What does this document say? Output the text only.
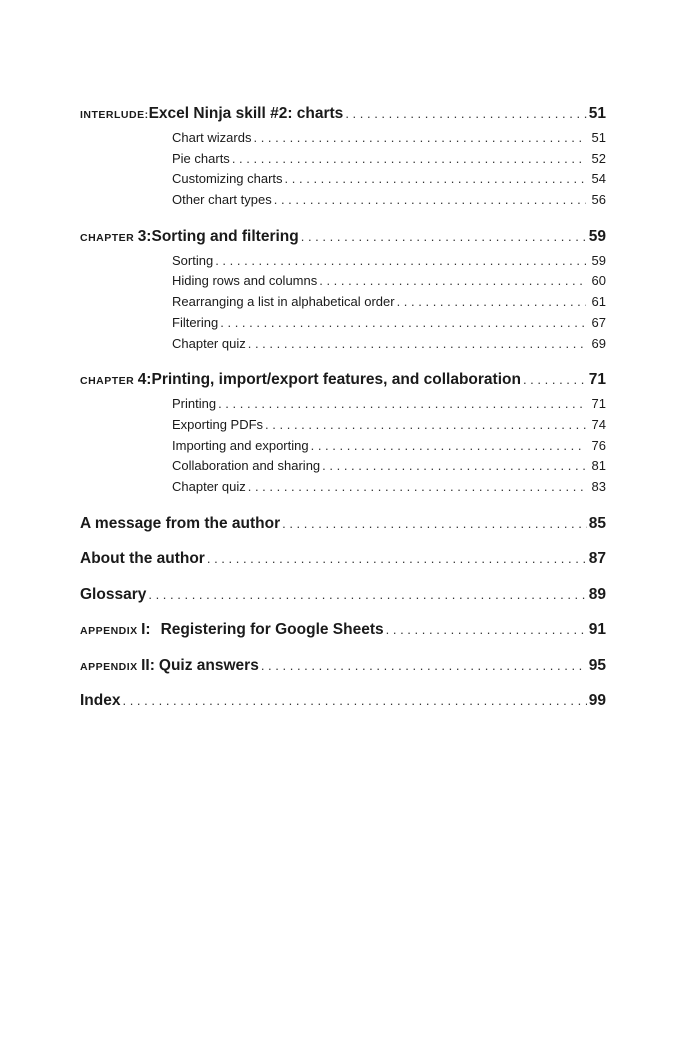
INTERLUDE: Excel Ninja skill #2: charts . . .	51
Chart wizards . . .	51
Pie charts . . .	52
Customizing charts . . .	54
Other chart types . . .	56
CHAPTER 3: Sorting and filtering . . .	59
Sorting . . .	59
Hiding rows and columns . . .	60
Rearranging a list in alphabetical order . . .	61
Filtering . . .	67
Chapter quiz . . .	69
CHAPTER 4: Printing, import/export features, and collaboration . . .	71
Printing . . .	71
Exporting PDFs . . .	74
Importing and exporting . . .	76
Collaboration and sharing . . .	81
Chapter quiz . . .	83
A message from the author . . .	85
About the author . . .	87
Glossary . . .	89
APPENDIX I: Registering for Google Sheets . . .	91
APPENDIX II: Quiz answers . . .	95
Index . . .	99
